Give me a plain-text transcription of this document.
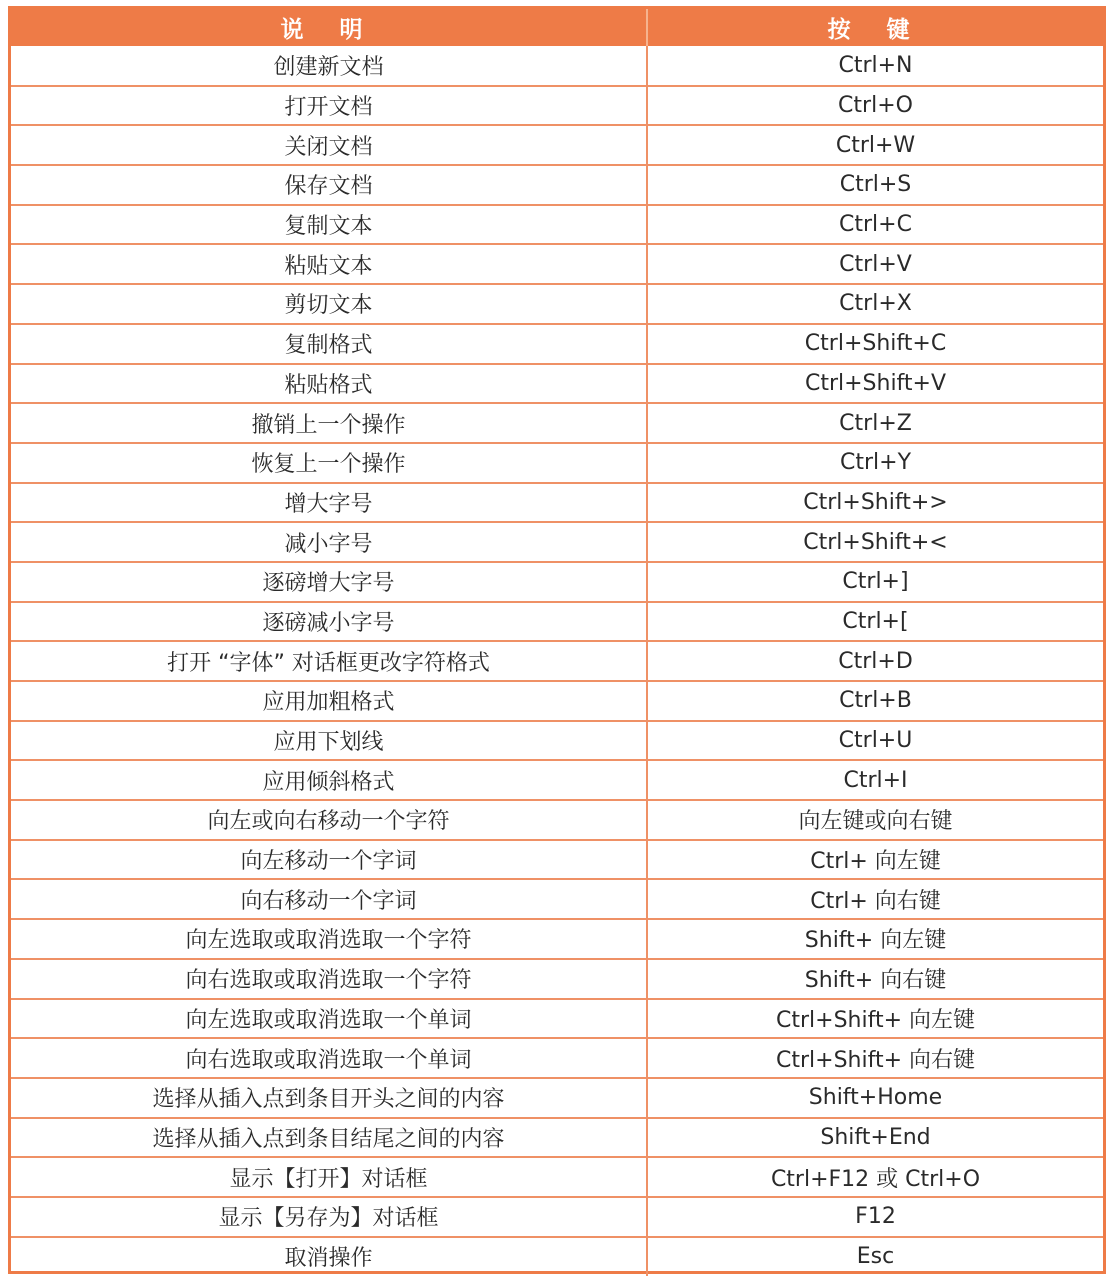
说 明	按 键
创建新文档	Ctrl+N
打开文档	Ctrl+O
关闭文档	Ctrl+W
保存文档	Ctrl+S
复制文本	Ctrl+C
粘贴文本	Ctrl+V
剪切文本	Ctrl+X
复制格式	Ctrl+Shift+C
粘贴格式	Ctrl+Shift+V
撤销上一个操作	Ctrl+Z
恢复上一个操作	Ctrl+Y
增大字号	Ctrl+Shift+>
减小字号	Ctrl+Shift+<
逐磅增大字号	Ctrl+]
逐磅减小字号	Ctrl+[
打开 “字体” 对话框更改字符格式	Ctrl+D
应用加粗格式	Ctrl+B
应用下划线	Ctrl+U
应用倾斜格式	Ctrl+I
向左或向右移动一个字符	向左键或向右键
向左移动一个字词	Ctrl+ 向左键
向右移动一个字词	Ctrl+ 向右键
向左选取或取消选取一个字符	Shift+ 向左键
向右选取或取消选取一个字符	Shift+ 向右键
向左选取或取消选取一个单词	Ctrl+Shift+ 向左键
向右选取或取消选取一个单词	Ctrl+Shift+ 向右键
选择从插入点到条目开头之间的内容	Shift+Home
选择从插入点到条目结尾之间的内容	Shift+End
显示【打开】对话框	Ctrl+F12 或 Ctrl+O
显示【另存为】对话框	F12
取消操作	Esc
